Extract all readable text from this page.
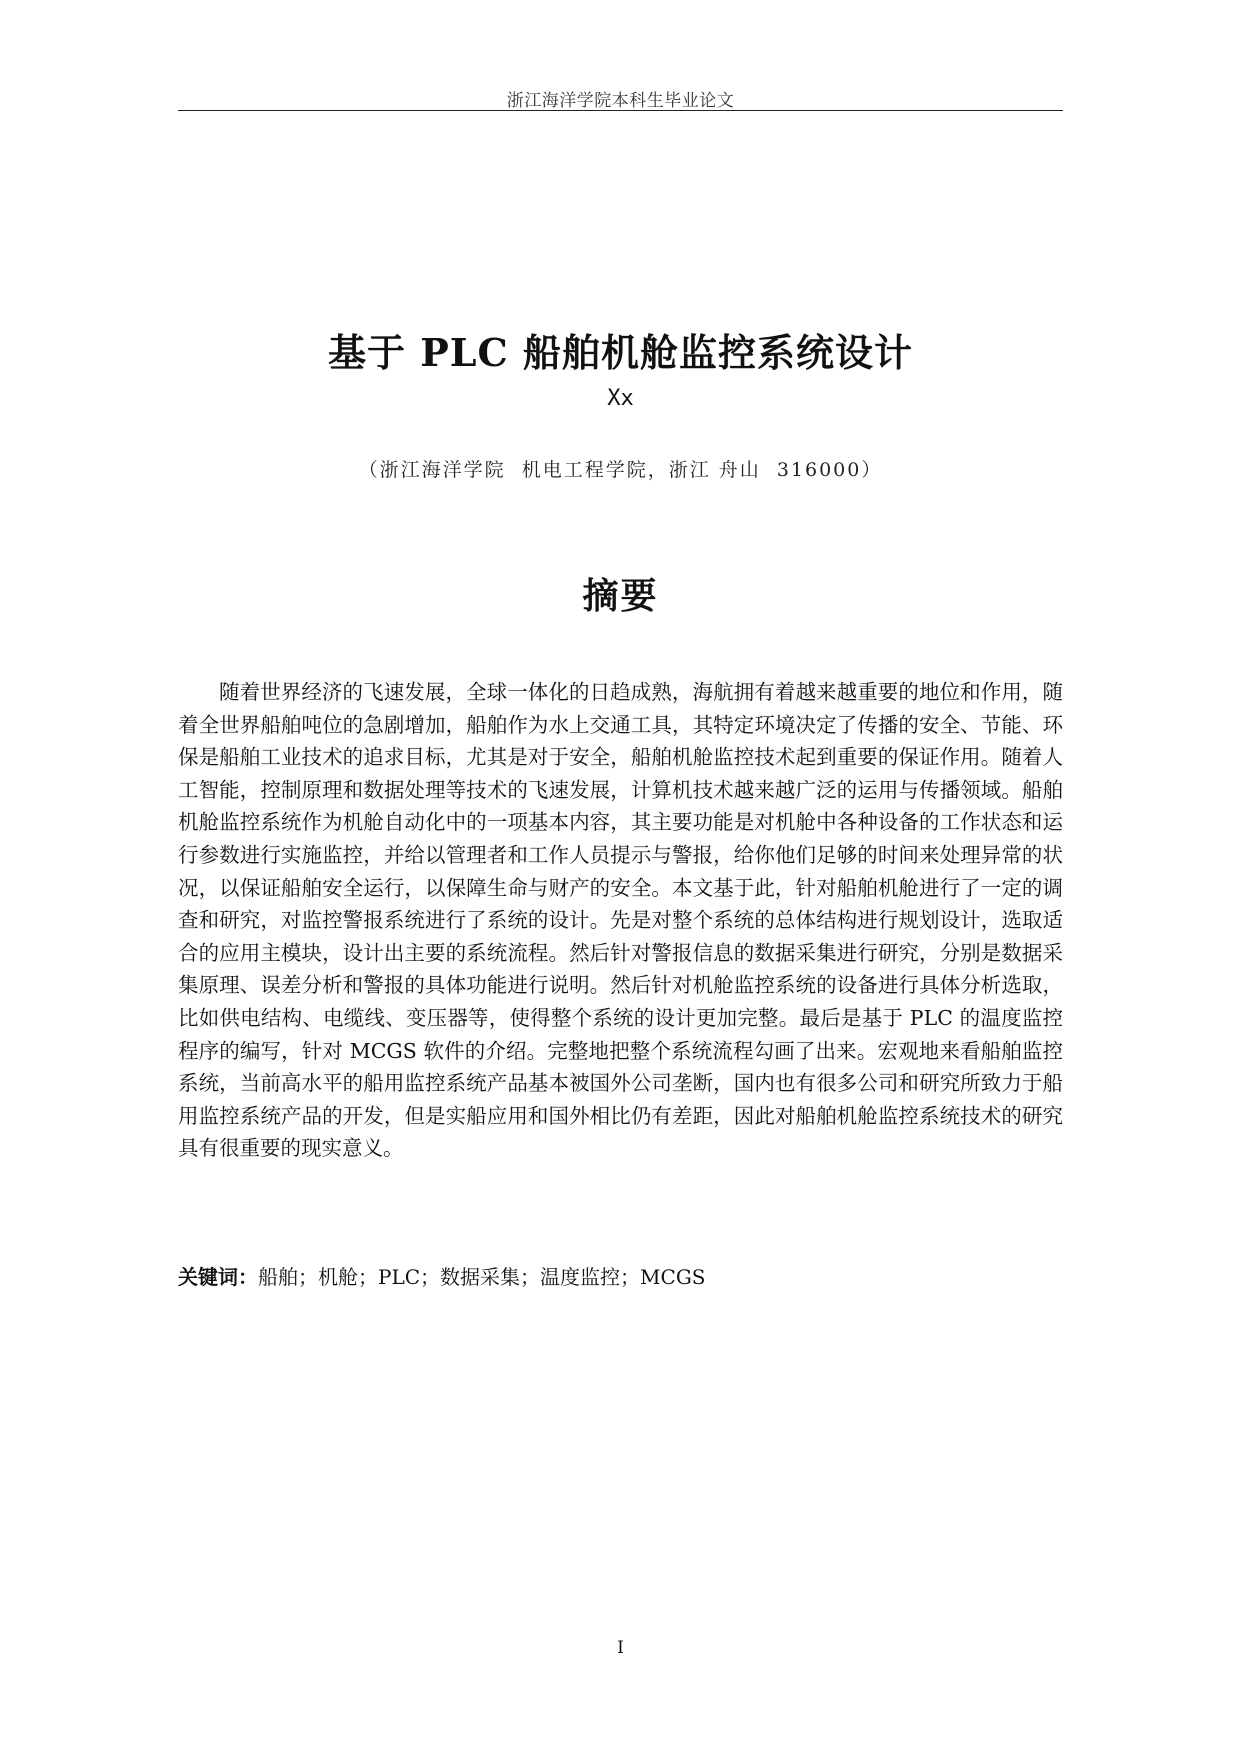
浙江海洋学院本科生毕业论文
基于 PLC 船舶机舱监控系统设计
Xx
（浙江海洋学院  机电工程学院，浙江 舟山  316000）
摘要

随着世界经济的飞速发展，全球一体化的日趋成熟，海航拥有着越来越重要的地位和作用，随着全世界船舶吨位的急剧增加，船舶作为水上交通工具，其特定环境决定了传播的安全、节能、环保是船舶工业技术的追求目标，尤其是对于安全，船舶机舱监控技术起到重要的保证作用。随着人工智能，控制原理和数据处理等技术的飞速发展，计算机技术越来越广泛的运用与传播领域。船舶机舱监控系统作为机舱自动化中的一项基本内容，其主要功能是对机舱中各种设备的工作状态和运行参数进行实施监控，并给以管理者和工作人员提示与警报，给你他们足够的时间来处理异常的状况，以保证船舶安全运行，以保障生命与财产的安全。本文基于此，针对船舶机舱进行了一定的调查和研究，对监控警报系统进行了系统的设计。先是对整个系统的总体结构进行规划设计，选取适合的应用主模块，设计出主要的系统流程。然后针对警报信息的数据采集进行研究，分别是数据采集原理、误差分析和警报的具体功能进行说明。然后针对机舱监控系统的设备进行具体分析选取，比如供电结构、电缆线、变压器等，使得整个系统的设计更加完整。最后是基于 PLC 的温度监控程序的编写，针对 MCGS 软件的介绍。完整地把整个系统流程勾画了出来。宏观地来看船舶监控系统，当前高水平的船用监控系统产品基本被国外公司垄断，国内也有很多公司和研究所致力于船用监控系统产品的开发，但是实船应用和国外相比仍有差距，因此对船舶机舱监控系统技术的研究具有很重要的现实意义。

关键词：船舶；机舱；PLC；数据采集；温度监控；MCGS
I
